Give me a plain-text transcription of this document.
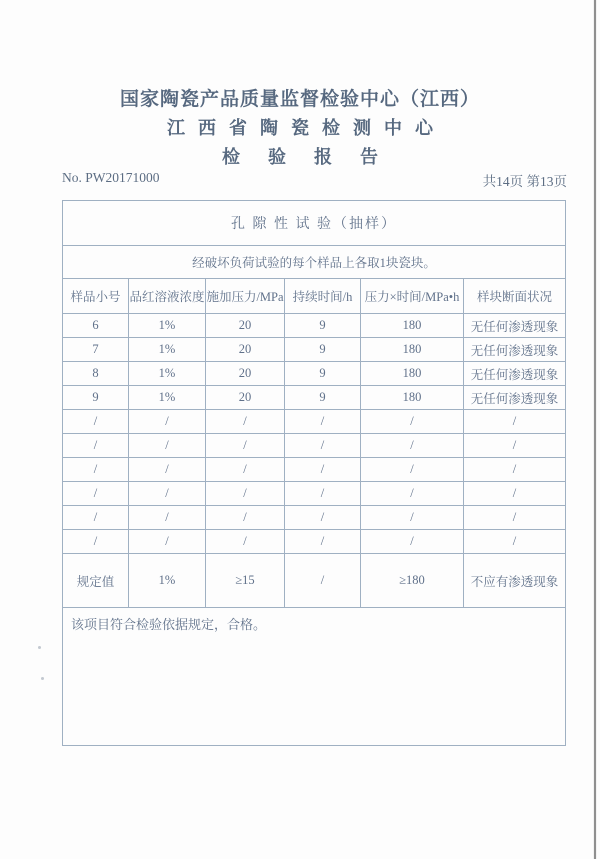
国家陶瓷产品质量监督检验中心（江西）
江西省陶瓷检测中心
检验报告
No. PW20171000	共14页 第13页
孔 隙 性 试 验（抽样）					
经破坏负荷试验的每个样品上各取1块瓷块。					
样品小号	品红溶液浓度	施加压力/MPa	持续时间/h	压力×时间/MPa•h	样块断面状况
6	1%	20	9	180	无任何渗透现象
7	1%	20	9	180	无任何渗透现象
8	1%	20	9	180	无任何渗透现象
9	1%	20	9	180	无任何渗透现象
/	/	/	/	/	/
/	/	/	/	/	/
/	/	/	/	/	/
/	/	/	/	/	/
/	/	/	/	/	/
/	/	/	/	/	/
规定值	1%	≥15	/	≥180	不应有渗透现象
该项目符合检验依据规定，合格。					
